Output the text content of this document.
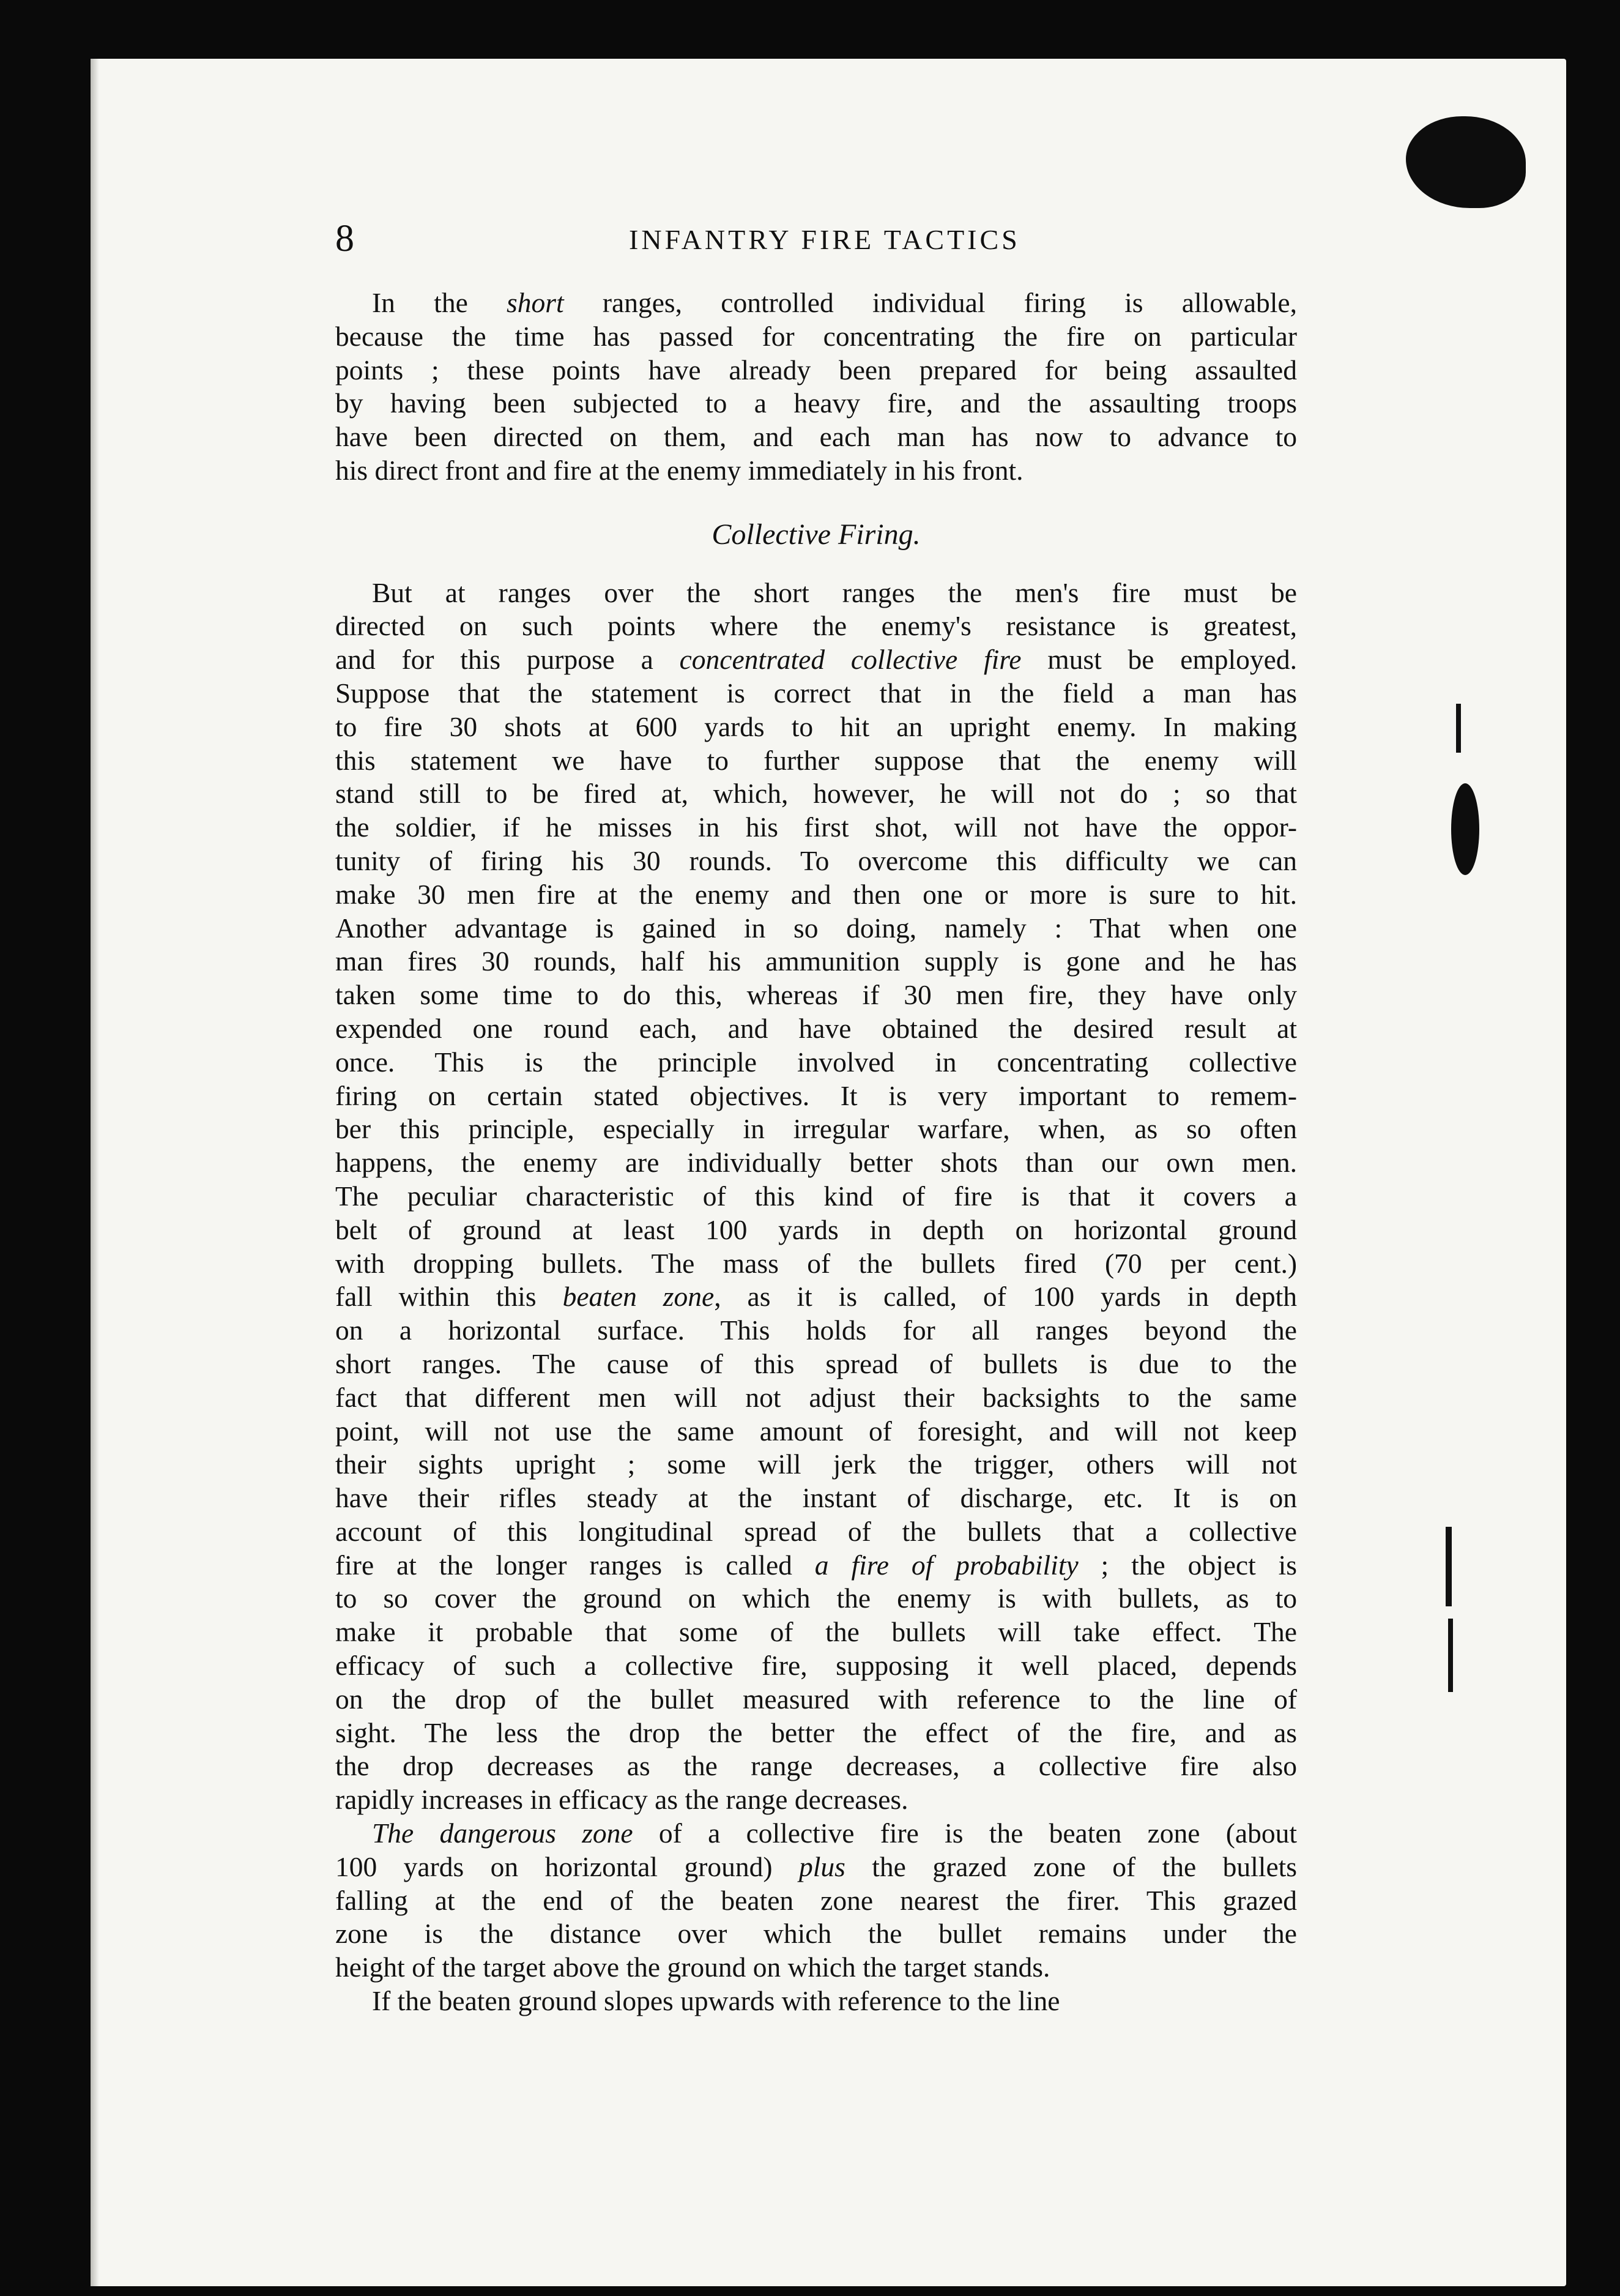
8	INFANTRY FIRE TACTICS
In the short ranges, controlled individual firing is allowable,
because the time has passed for concentrating the fire on particular
points ; these points have already been prepared for being assaulted
by having been subjected to a heavy fire, and the assaulting troops
have been directed on them, and each man has now to advance to
his direct front and fire at the enemy immediately in his front.
Collective Firing.
But at ranges over the short ranges the men's fire must be
directed on such points where the enemy's resistance is greatest,
and for this purpose a concentrated collective fire must be employed.
Suppose that the statement is correct that in the field a man has
to fire 30 shots at 600 yards to hit an upright enemy. In making
this statement we have to further suppose that the enemy will
stand still to be fired at, which, however, he will not do ; so that
the soldier, if he misses in his first shot, will not have the oppor-
tunity of firing his 30 rounds. To overcome this difficulty we can
make 30 men fire at the enemy and then one or more is sure to hit.
Another advantage is gained in so doing, namely : That when one
man fires 30 rounds, half his ammunition supply is gone and he has
taken some time to do this, whereas if 30 men fire, they have only
expended one round each, and have obtained the desired result at
once. This is the principle involved in concentrating collective
firing on certain stated objectives. It is very important to remem-
ber this principle, especially in irregular warfare, when, as so often
happens, the enemy are individually better shots than our own men.
The peculiar characteristic of this kind of fire is that it covers a
belt of ground at least 100 yards in depth on horizontal ground
with dropping bullets. The mass of the bullets fired (70 per cent.)
fall within this beaten zone, as it is called, of 100 yards in depth
on a horizontal surface. This holds for all ranges beyond the
short ranges. The cause of this spread of bullets is due to the
fact that different men will not adjust their backsights to the same
point, will not use the same amount of foresight, and will not keep
their sights upright ; some will jerk the trigger, others will not
have their rifles steady at the instant of discharge, etc. It is on
account of this longitudinal spread of the bullets that a collective
fire at the longer ranges is called a fire of probability ; the object is
to so cover the ground on which the enemy is with bullets, as to
make it probable that some of the bullets will take effect. The
efficacy of such a collective fire, supposing it well placed, depends
on the drop of the bullet measured with reference to the line of
sight. The less the drop the better the effect of the fire, and as
the drop decreases as the range decreases, a collective fire also
rapidly increases in efficacy as the range decreases.
The dangerous zone of a collective fire is the beaten zone (about
100 yards on horizontal ground) plus the grazed zone of the bullets
falling at the end of the beaten zone nearest the firer. This grazed
zone is the distance over which the bullet remains under the
height of the target above the ground on which the target stands.
If the beaten ground slopes upwards with reference to the line
